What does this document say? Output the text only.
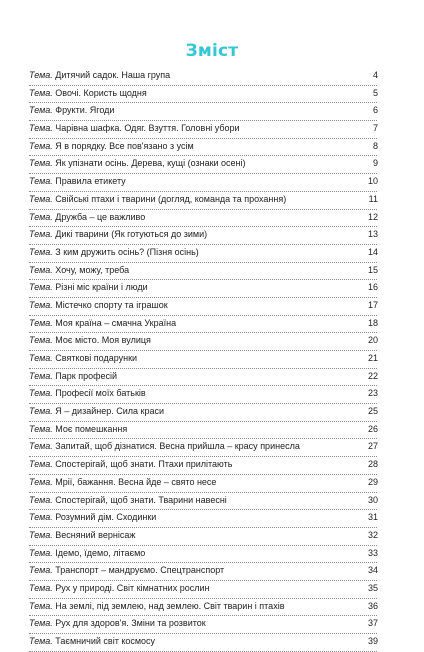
Зміст
Тема. Дитячий садок. Наша група	4
Тема. Овочі. Користь щодня	5
Тема. Фрукти. Ягоди	6
Тема. Чарівна шафка. Одяг. Взуття. Головні убори	7
Тема. Я в порядку. Все пов'язано з усім	8
Тема. Як упізнати осінь. Дерева, кущі (ознаки осені)	9
Тема. Правила етикету	10
Тема. Свійські птахи і тварини (догляд, команда та прохання)	11
Тема. Дружба – це важливо	12
Тема. Дикі тварини (Як готуються до зими)	13
Тема. З ким дружить осінь? (Пізня осінь)	14
Тема. Хочу, можу, треба	15
Тема. Різні міс країни і люди	16
Тема. Містечко спорту та іграшок	17
Тема. Моя країна – смачна Україна	18
Тема. Моє місто. Моя вулиця	20
Тема. Святкові подарунки	21
Тема. Парк професій	22
Тема. Професії моїх батьків	23
Тема. Я – дизайнер. Сила краси	25
Тема. Моє помешкання	26
Тема. Запитай, щоб дізнатися. Весна прийшла – красу принесла	27
Тема. Спостерігай, щоб знати. Птахи прилітають	28
Тема. Мрії, бажання. Весна йде – свято несе	29
Тема. Спостерігай, щоб знати. Тварини навесні	30
Тема. Розумний дім. Сходинки	31
Тема. Весняний вернісаж	32
Тема. Ідемо, їдемо, літаємо	33
Тема. Транспорт – мандруємо. Спецтранспорт	34
Тема. Рух у природі. Світ кімнатних рослин	35
Тема. На землі, під землею, над землею. Світ тварин і птахів	36
Тема. Рух для здоров'я. Зміни та розвиток	37
Тема. Таємничий світ космосу	39
